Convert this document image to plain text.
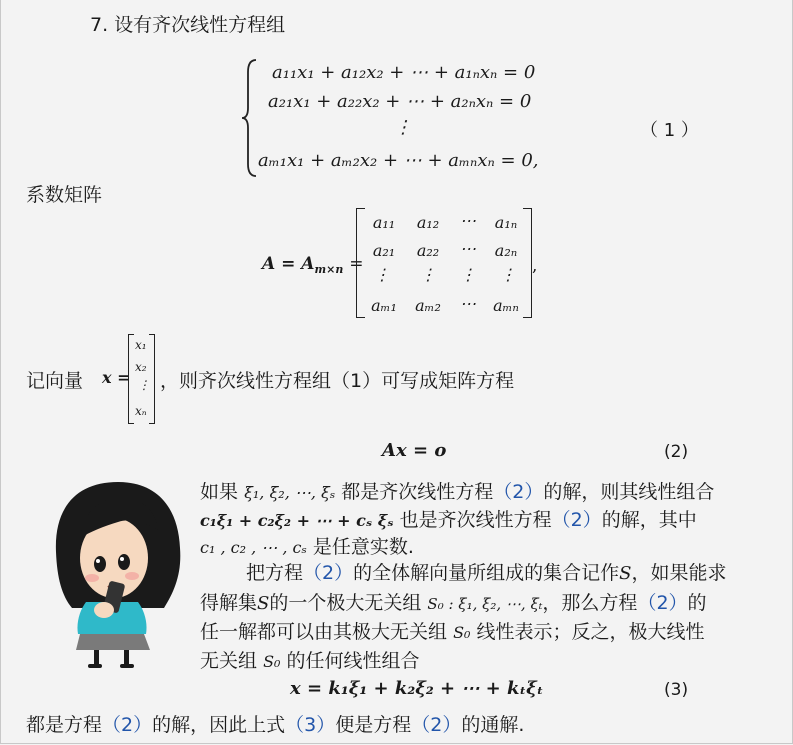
7. 设有齐次线性方程组
a₁₁x₁ + a₁₂x₂ + ⋯ + a₁ₙxₙ = 0
a₂₁x₁ + a₂₂x₂ + ⋯ + a₂ₙxₙ = 0
⋮
aₘ₁x₁ + aₘ₂x₂ + ⋯ + aₘₙxₙ = 0,
（ 1 ）
系数矩阵
$A = A_{m\times n}$ =
a₁₁	a₁₂	⋯	a₁ₙ
a₂₁	a₂₂	⋯	a₂ₙ
⋮	⋮	⋮	⋮
aₘ₁	aₘ₂	⋯	aₘₙ
,
记向量 x =
x₁
x₂
⋮
xₙ
，则齐次线性方程组（1）可写成矩阵方程
Ax = o	(2)
如果 ξ₁, ξ₂, ⋯, ξₛ 都是齐次线性方程（2）的解，则其线性组合
c₁ξ₁ + c₂ξ₂ + ⋯ + cₛ ξₛ 也是齐次线性方程（2）的解，其中
c₁ , c₂ , ⋯ , cₛ 是任意实数.
把方程（2）的全体解向量所组成的集合记作S，如果能求
得解集S的一个极大无关组 S₀ : ξ₁, ξ₂, ⋯, ξₜ，那么方程（2）的
任一解都可以由其极大无关组 S₀ 线性表示；反之，极大线性
无关组 S₀ 的任何线性组合
x = k₁ξ₁ + k₂ξ₂ + ⋯ + kₜξₜ	(3)
都是方程（2）的解，因此上式（3）便是方程（2）的通解.
